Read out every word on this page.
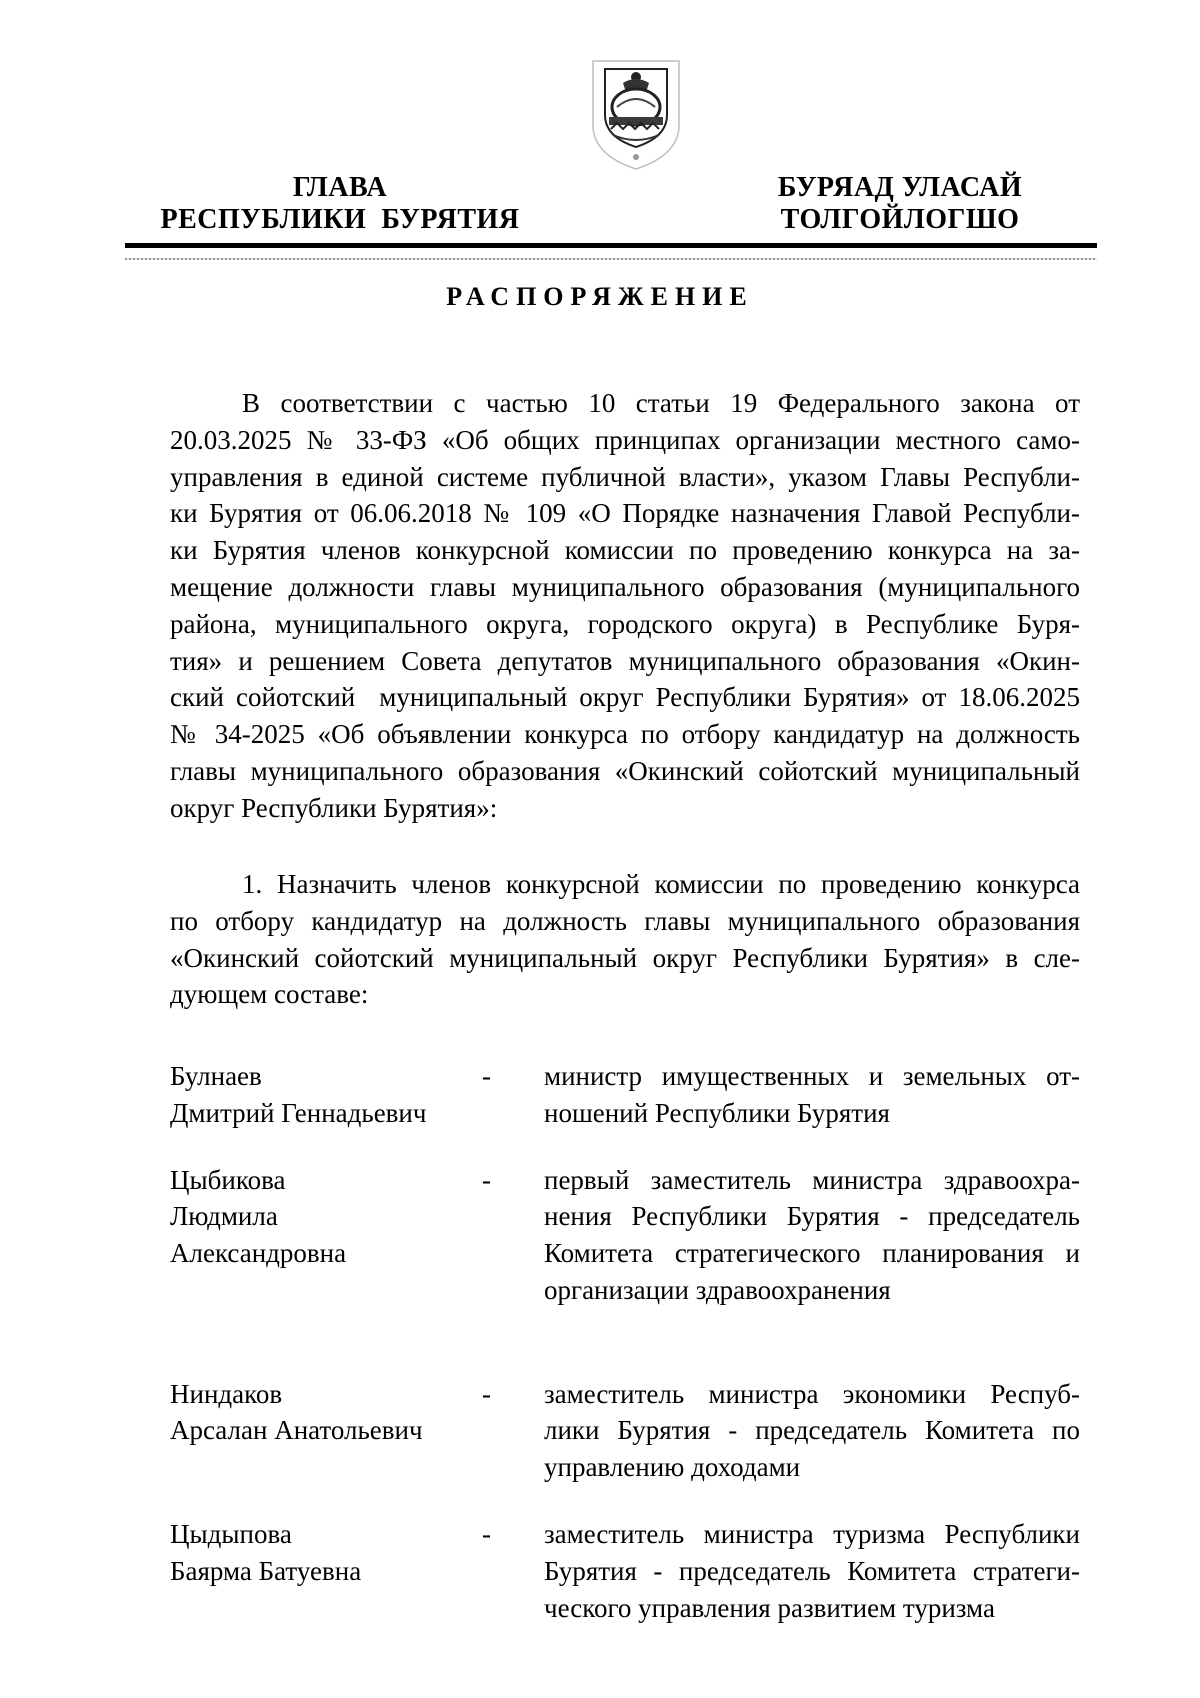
ГЛАВА
РЕСПУБЛИКИ  БУРЯТИЯ
БУРЯАД УЛАСАЙ
ТОЛГОЙЛОГШО
РАСПОРЯЖЕНИЕ
В соответствии с частью 10 статьи 19 Федерального закона от
20.03.2025 № 33-ФЗ «Об общих принципах организации местного само-
управления в единой системе публичной власти», указом Главы Республи-
ки Бурятия от 06.06.2018 № 109 «О Порядке назначения Главой Республи-
ки Бурятия членов конкурсной комиссии по проведению конкурса на за-
мещение должности главы муниципального образования (муниципального
района, муниципального округа, городского округа) в Республике Буря-
тия» и решением Совета депутатов муниципального образования «Окин-
ский сойотский  муниципальный округ Республики Бурятия» от 18.06.2025
№ 34-2025 «Об объявлении конкурса по отбору кандидатур на должность
главы муниципального образования «Окинский сойотский муниципальный
округ Республики Бурятия»:
1. Назначить членов конкурсной комиссии по проведению конкурса
по отбору кандидатур на должность главы муниципального образования
«Окинский сойотский муниципальный округ Республики Бурятия» в сле-
дующем составе:
Булнаев
Дмитрий Геннадьевич
- министр имущественных и земельных от-
ношений Республики Бурятия
Цыбикова
Людмила
Александровна
- первый заместитель министра здравоохра-
нения Республики Бурятия - председатель
Комитета стратегического планирования и
организации здравоохранения
Ниндаков
Арсалан Анатольевич
- заместитель министра экономики Респуб-
лики Бурятия - председатель Комитета по
управлению доходами
Цыдыпова
Баярма Батуевна
- заместитель министра туризма Республики
Бурятия - председатель Комитета стратеги-
ческого управления развитием туризма
